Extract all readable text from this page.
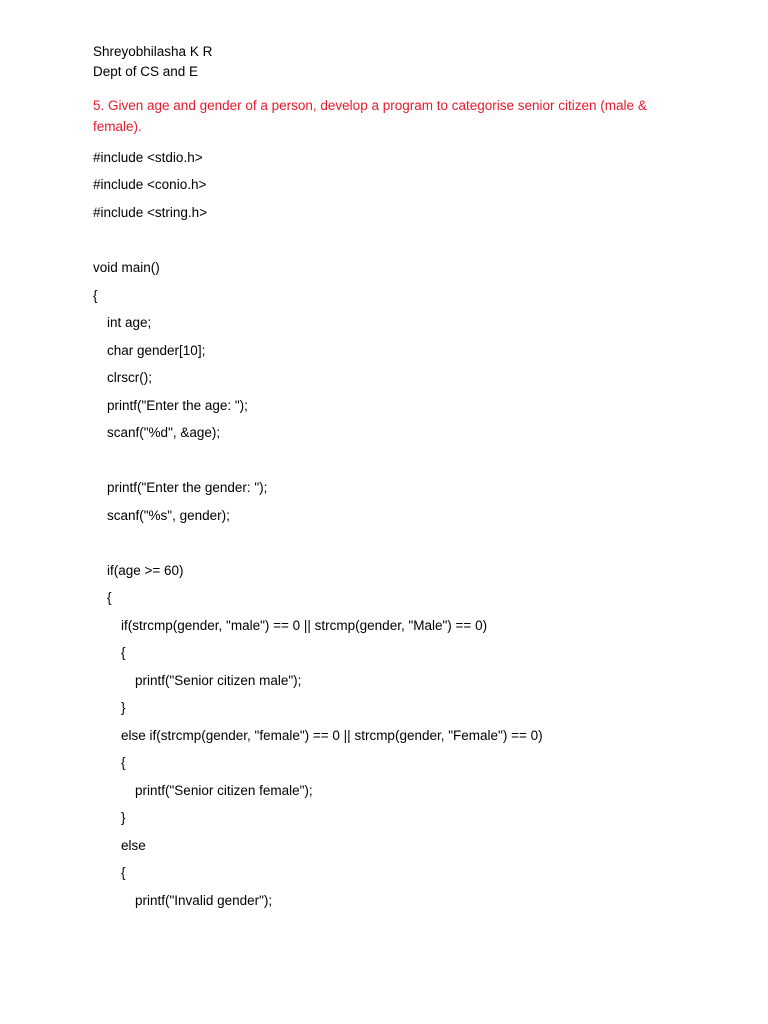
Shreyobhilasha K R
Dept of CS and E
5. Given age and gender of a person, develop a program to categorise senior citizen (male & female).
#include <stdio.h>
#include <conio.h>
#include <string.h>
void main()
{
int age;
char gender[10];
clrscr();
printf("Enter the age: ");
scanf("%d", &age);
printf("Enter the gender: ");
scanf("%s", gender);
if(age >= 60)
{
if(strcmp(gender, "male") == 0 || strcmp(gender, "Male") == 0)
{
printf("Senior citizen male");
}
else if(strcmp(gender, "female") == 0 || strcmp(gender, "Female") == 0)
{
printf("Senior citizen female");
}
else
{
printf("Invalid gender");
